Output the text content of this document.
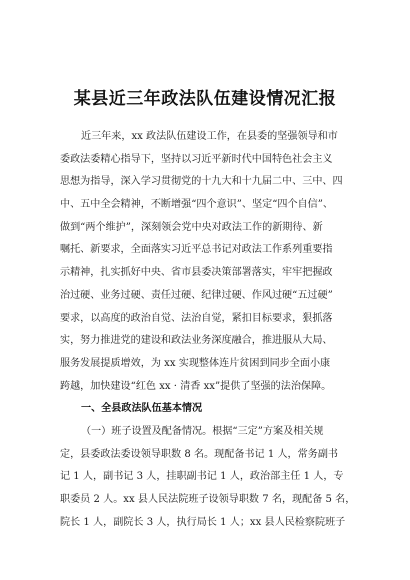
某县近三年政法队伍建设情况汇报
近三年来，xx 政法队伍建设工作，在县委的坚强领导和市
委政法委精心指导下，坚持以习近平新时代中国特色社会主义
思想为指导，深入学习贯彻党的十九大和十九届二中、三中、四
中、五中全会精神，不断增强“四个意识”、坚定“四个自信”、
做到“两个维护”，深刻领会党中央对政法工作的新期待、新
嘱托、新要求，全面落实习近平总书记对政法工作系列重要指
示精神，扎实抓好中央、省市县委决策部署落实，牢牢把握政
治过硬、业务过硬、责任过硬、纪律过硬、作风过硬“五过硬”
要求，以高度的政治自觉、法治自觉，紧扣目标要求，狠抓落
实，努力推进党的建设和政法业务深度融合，推进服从大局、
服务发展提质增效，为 xx 实现整体连片贫困到同步全面小康
跨越，加快建设“红色 xx · 清香 xx”提供了坚强的法治保障。
一、全县政法队伍基本情况
（一）班子设置及配备情况。根据“三定”方案及相关规
定，县委政法委设领导职数 8 名。现配备书记 1 人，常务副书
记 1 人，副书记 3 人，挂职副书记 1 人，政治部主任 1 人，专
职委员 2 人。xx 县人民法院班子设领导职数 7 名，现配备 5 名，
院长 1 人，副院长 3 人，执行局长 1 人；xx 县人民检察院班子
